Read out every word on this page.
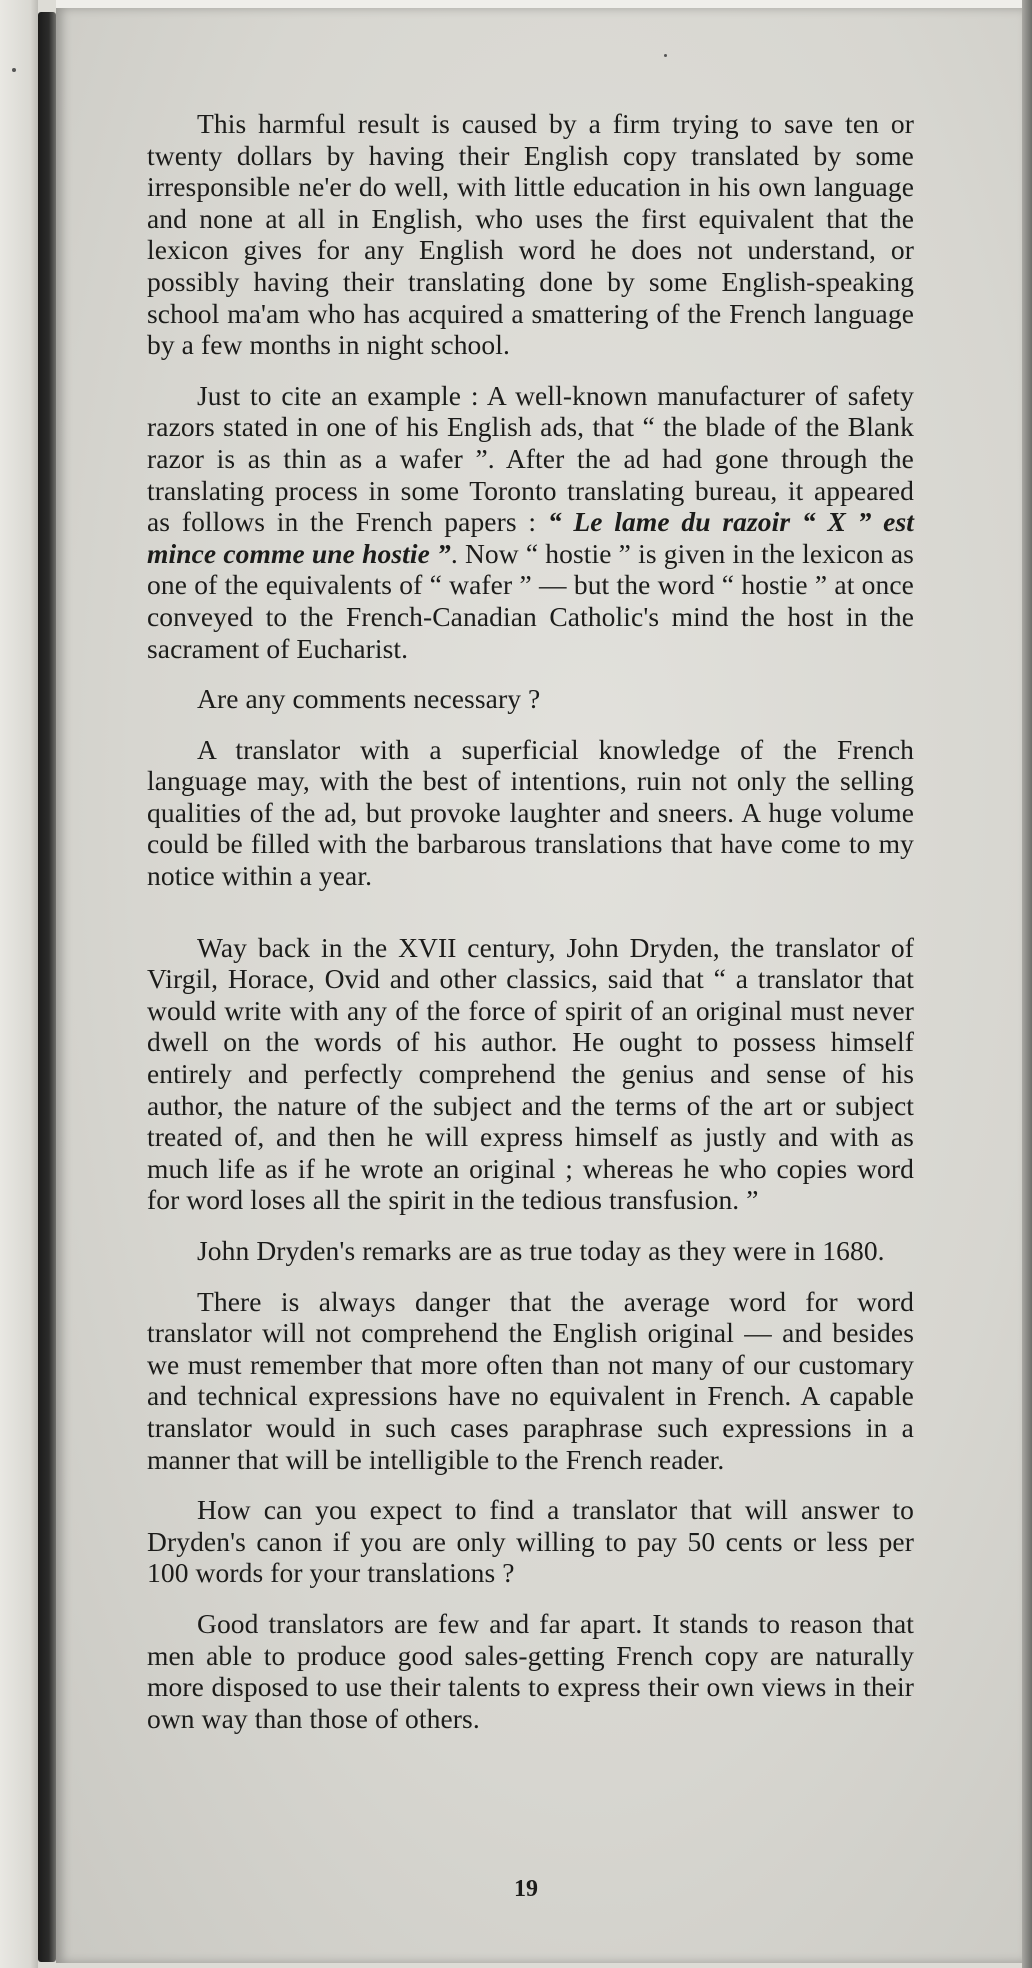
This harmful result is caused by a firm trying to save ten or twenty dollars by having their English copy translated by some irresponsible ne'er do well, with little education in his own language and none at all in English, who uses the first equivalent that the lexicon gives for any English word he does not understand, or possibly having their translating done by some English-speaking school ma'am who has acquired a smattering of the French language by a few months in night school.

Just to cite an example : A well-known manufacturer of safety razors stated in one of his English ads, that “ the blade of the Blank razor is as thin as a wafer ”. After the ad had gone through the translating process in some Toronto translating bureau, it appeared as follows in the French papers : “ Le lame du razoir “ X ” est mince comme une hostie ”. Now “ hostie ” is given in the lexicon as one of the equivalents of “ wafer ” — but the word “ hostie ” at once conveyed to the French-Canadian Catholic's mind the host in the sacrament of Eucharist.

Are any comments necessary ?

A translator with a superficial knowledge of the French language may, with the best of intentions, ruin not only the selling qualities of the ad, but provoke laughter and sneers. A huge volume could be filled with the barbarous translations that have come to my notice within a year.

Way back in the XVII century, John Dryden, the translator of Virgil, Horace, Ovid and other classics, said that “ a translator that would write with any of the force of spirit of an original must never dwell on the words of his author. He ought to possess himself entirely and perfectly comprehend the genius and sense of his author, the nature of the subject and the terms of the art or subject treated of, and then he will express himself as justly and with as much life as if he wrote an original ; whereas he who copies word for word loses all the spirit in the tedious transfusion. ”

John Dryden's remarks are as true today as they were in 1680.

There is always danger that the average word for word translator will not comprehend the English original — and besides we must remember that more often than not many of our customary and technical expressions have no equivalent in French. A capable translator would in such cases paraphrase such expressions in a manner that will be intelligible to the French reader.

How can you expect to find a translator that will answer to Dryden's canon if you are only willing to pay 50 cents or less per 100 words for your translations ?

Good translators are few and far apart. It stands to reason that men able to produce good sales-getting French copy are naturally more disposed to use their talents to express their own views in their own way than those of others.

19
